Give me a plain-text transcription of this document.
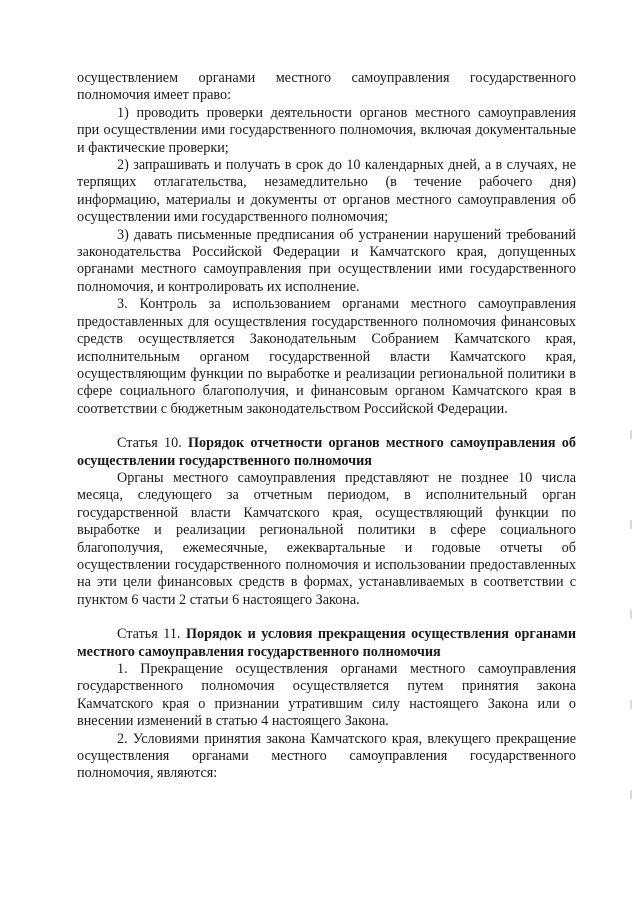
осуществлением органами местного самоуправления государственного полномочия имеет право:

1) проводить проверки деятельности органов местного самоуправления при осуществлении ими государственного полномочия, включая документальные и фактические проверки;

2) запрашивать и получать в срок до 10 календарных дней, а в случаях, не терпящих отлагательства, незамедлительно (в течение рабочего дня) информацию, материалы и документы от органов местного самоуправления об осуществлении ими государственного полномочия;

3) давать письменные предписания об устранении нарушений требований законодательства Российской Федерации и Камчатского края, допущенных органами местного самоуправления при осуществлении ими государственного полномочия, и контролировать их исполнение.

3. Контроль за использованием органами местного самоуправления предоставленных для осуществления государственного полномочия финансовых средств осуществляется Законодательным Собранием Камчатского края, исполнительным органом государственной власти Камчатского края, осуществляющим функции по выработке и реализации региональной политики в сфере социального благополучия, и финансовым органом Камчатского края в соответствии с бюджетным законодательством Российской Федерации.

Статья 10. Порядок отчетности органов местного самоуправления об осуществлении государственного полномочия

Органы местного самоуправления представляют не позднее 10 числа месяца, следующего за отчетным периодом, в исполнительный орган государственной власти Камчатского края, осуществляющий функции по выработке и реализации региональной политики в сфере социального благополучия, ежемесячные, ежеквартальные и годовые отчеты об осуществлении государственного полномочия и использовании предоставленных на эти цели финансовых средств в формах, устанавливаемых в соответствии с пунктом 6 части 2 статьи 6 настоящего Закона.

Статья 11. Порядок и условия прекращения осуществления органами местного самоуправления государственного полномочия

1. Прекращение осуществления органами местного самоуправления государственного полномочия осуществляется путем принятия закона Камчатского края о признании утратившим силу настоящего Закона или о внесении изменений в статью 4 настоящего Закона.

2. Условиями принятия закона Камчатского края, влекущего прекращение осуществления органами местного самоуправления государственного полномочия, являются:
